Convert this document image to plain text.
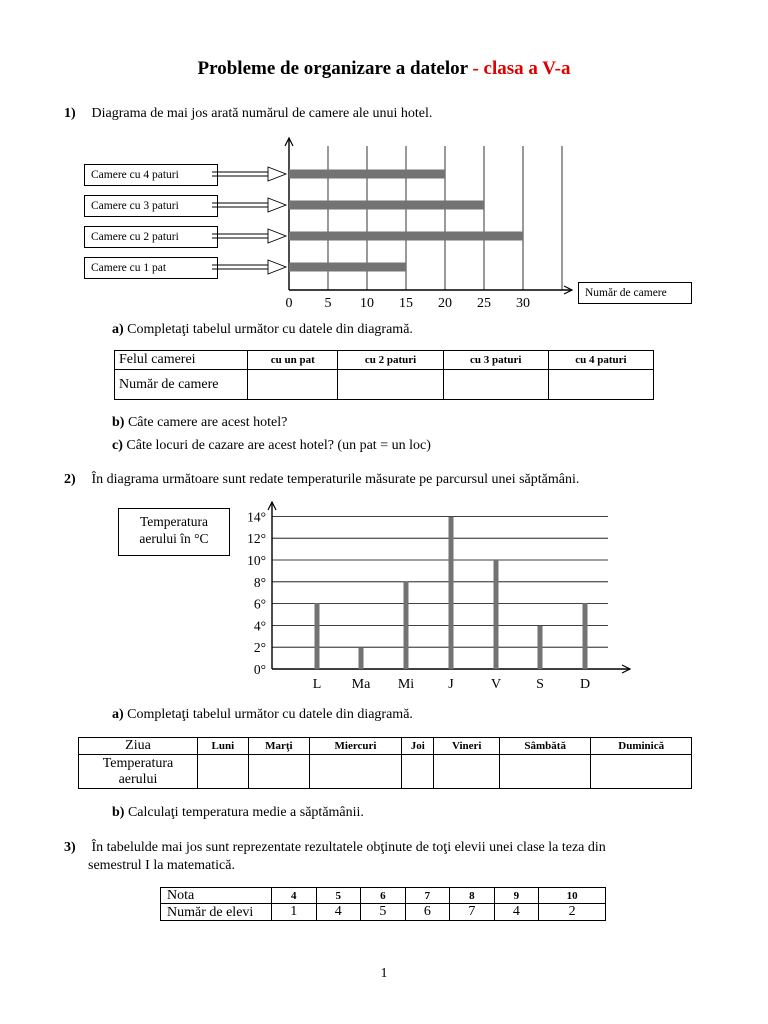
Probleme de organizare a datelor - clasa a V-a
1) Diagrama de mai jos arată numărul de camere ale unui hotel.
Camere cu 4 paturi
Camere cu 3 paturi
Camere cu 2 paturi
Camere cu 1 pat
Număr de camere
0 5 10 15 20 25 30
a) Completaţi tabelul următor cu datele din diagramă.
Felul camerei	cu un pat	cu 2 paturi	cu 3 paturi	cu 4 paturi
Număr de camere				
b) Câte camere are acest hotel?
c) Câte locuri de cazare are acest hotel? (un pat = un loc)
2) În diagrama următoare sunt redate temperaturile măsurate pe parcursul unei săptămâni.
Temperatura
aerului în °C
0°
2°
4°
6°
8°
10°
12°
14°
L Ma Mi J	V	S	D
a) Completaţi tabelul următor cu datele din diagramă.
Ziua	Luni	Marţi	Miercuri	Joi	Vineri	Sâmbătă	Duminică

Temperatura
aerului							

b) Calculaţi temperatura medie a săptămânii.
3) În tabelulde mai jos sunt reprezentate rezultatele obţinute de toţi elevii unei clase la teza din
semestrul I la matematică.
Nota	4	5	6	7	8	9	10
Număr de elevi	1	4	5	6	7	4	2
1
